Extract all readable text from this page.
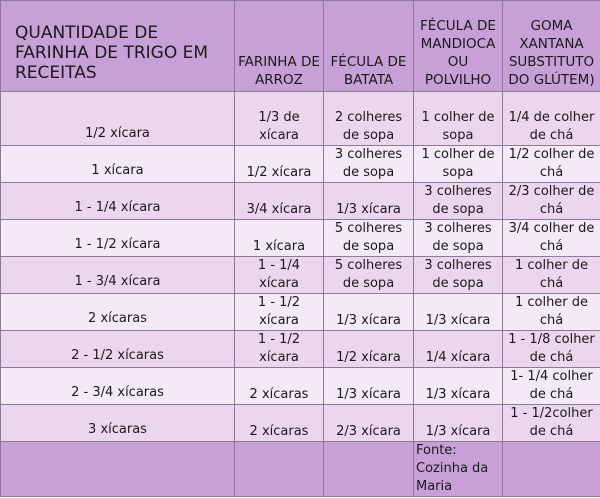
QUANTIDADE DE FARINHA DE TRIGO EM RECEITAS	FARINHA DE ARROZ	FÉCULA DE BATATA	FÉCULA DE MANDIOCA OU POLVILHO	GOMA XANTANA SUBSTITUTO DO GLÚTEM)
1/2 xícara	1/3 de xícara	2 colheres de sopa	1 colher de sopa	1/4 de colher de chá
1 xícara	1/2 xícara	3 colheres de sopa	1 colher de sopa	1/2 colher de chá
1 - 1/4 xícara	3/4 xícara	1/3 xícara	3 colheres de sopa	2/3 colher de chá
1 - 1/2 xícara	1 xícara	5 colheres de sopa	3 colheres de sopa	3/4 colher de chá
1 - 3/4 xícara	1 - 1/4 xícara	5 colheres de sopa	3 colheres de sopa	1 colher de chá
2 xícaras	1 - 1/2 xícara	1/3 xícara	1/3 xícara	1 colher de chá
2 - 1/2 xícaras	1 - 1/2 xícara	1/2 xícara	1/4 xícara	1 - 1/8 colher de chá
2 - 3/4 xícaras	2 xícaras	1/3 xícara	1/3 xícara	1- 1/4 colher de chá
3 xícaras	2 xícaras	2/3 xícara	1/3 xícara	1 - 1/2colher de chá
			Fonte: Cozinha da Maria	
